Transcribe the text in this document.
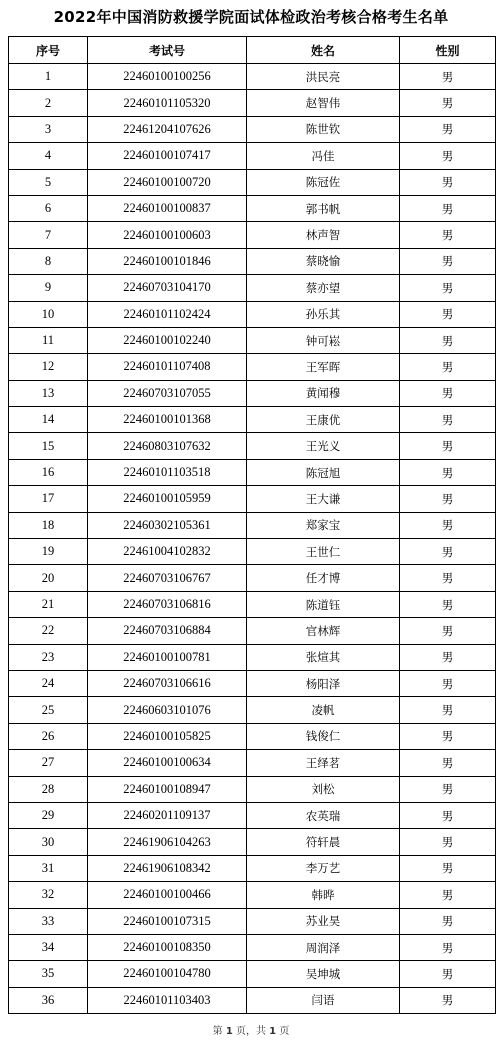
2022年中国消防救援学院面试体检政治考核合格考生名单
序号	考试号	姓名	性别
1	22460100100256	洪民亮	男
2	22460101105320	赵智伟	男
3	22461204107626	陈世钦	男
4	22460100107417	冯佳	男
5	22460100100720	陈冠佐	男
6	22460100100837	郭书帆	男
7	22460100100603	林声智	男
8	22460100101846	蔡晓愉	男
9	22460703104170	蔡亦望	男
10	22460101102424	孙乐其	男
11	22460100102240	钟可崧	男
12	22460101107408	王军晖	男
13	22460703107055	黄闻穆	男
14	22460100101368	王康优	男
15	22460803107632	王光义	男
16	22460101103518	陈冠旭	男
17	22460100105959	王大谦	男
18	22460302105361	郑家宝	男
19	22461004102832	王世仁	男
20	22460703106767	任才博	男
21	22460703106816	陈道钰	男
22	22460703106884	官林辉	男
23	22460100100781	张煊其	男
24	22460703106616	杨阳泽	男
25	22460603101076	凌帆	男
26	22460100105825	钱俊仁	男
27	22460100100634	王绎茗	男
28	22460100108947	刘松	男
29	22460201109137	农英瑞	男
30	22461906104263	符轩晨	男
31	22461906108342	李万艺	男
32	22460100100466	韩晔	男
33	22460100107315	苏业昊	男
34	22460100108350	周润泽	男
35	22460100104780	吴坤城	男
36	22460101103403	闫语	男
第 1 页，共 1 页
